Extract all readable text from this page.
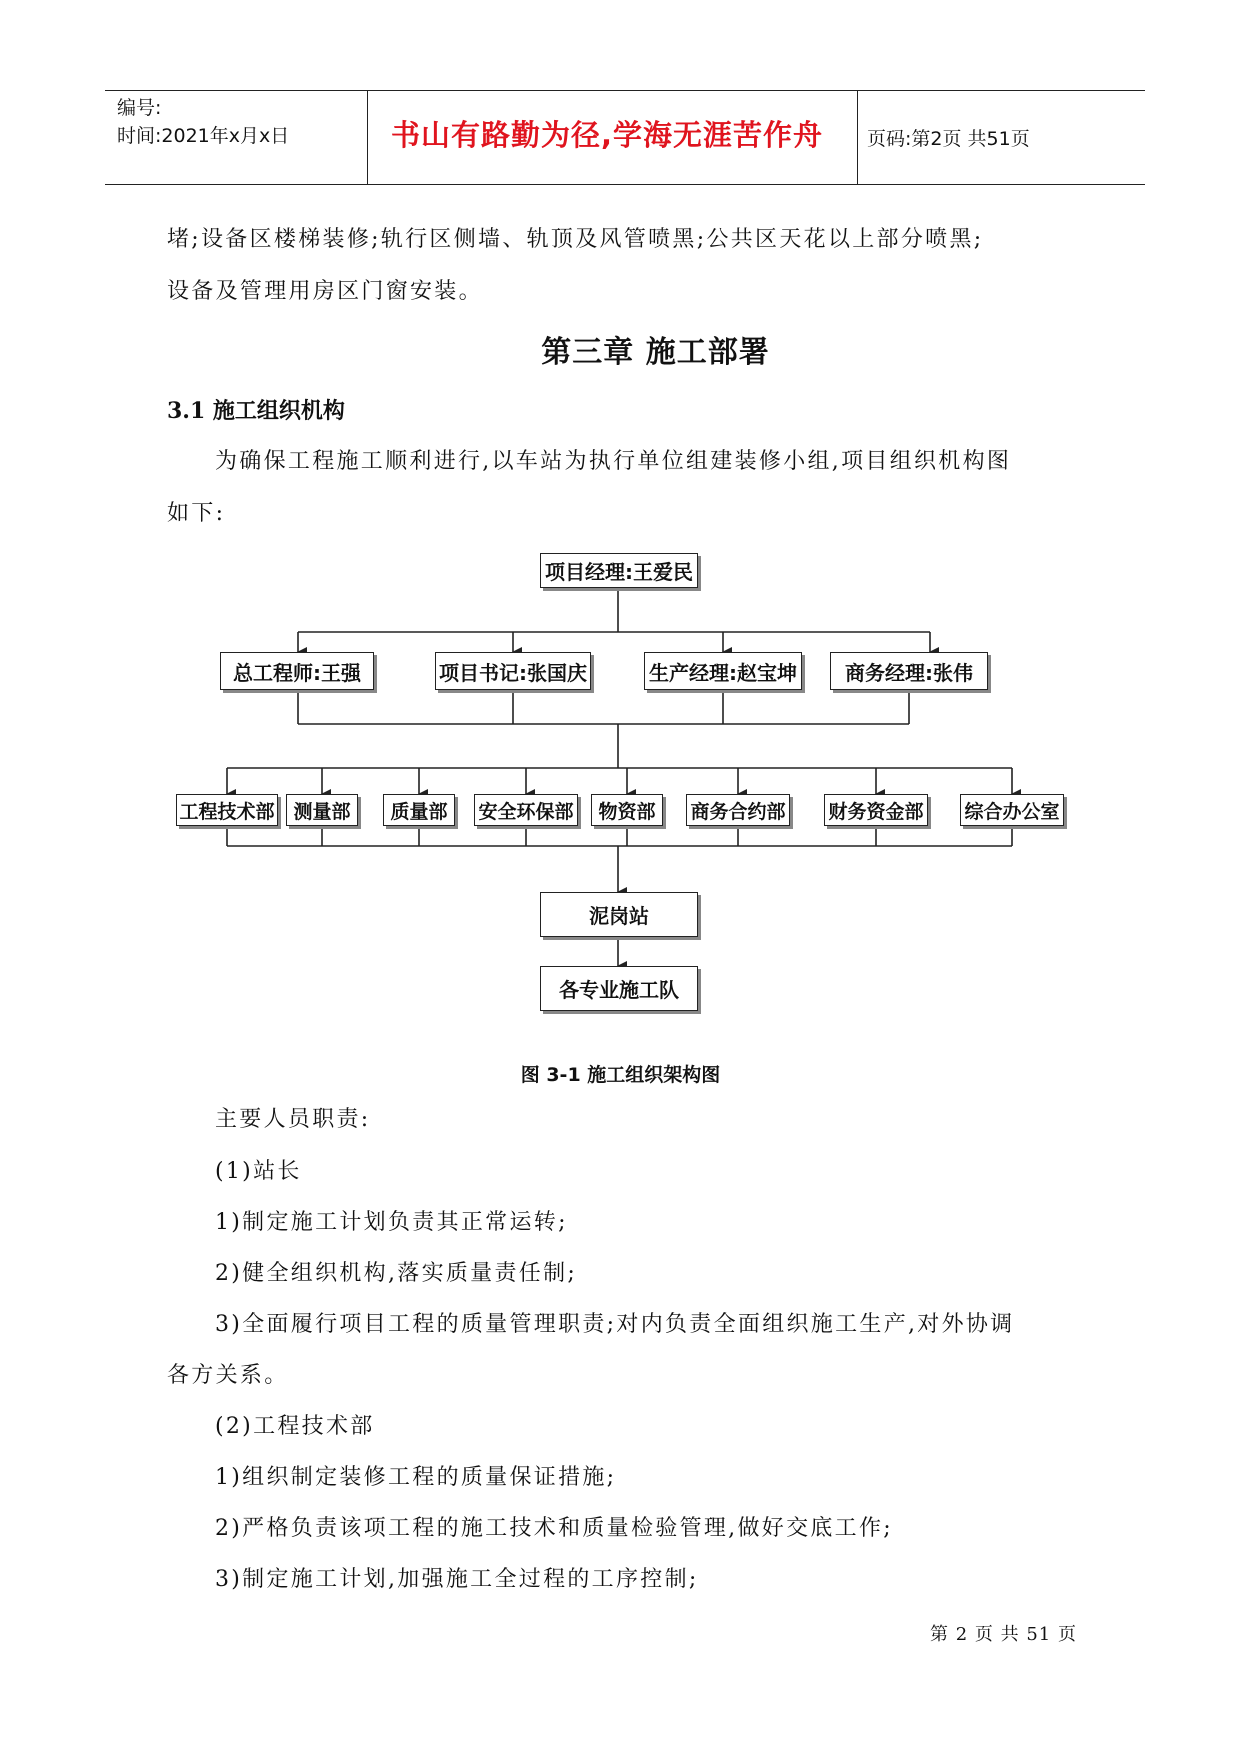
编号:
时间:2021年x月x日	书山有路勤为径,学海无涯苦作舟	页码:第2页 共51页
堵;设备区楼梯装修;轨行区侧墙、轨顶及风管喷黑;公共区天花以上部分喷黑;
设备及管理用房区门窗安装。
第三章 施工部署
3.1 施工组织机构
为确保工程施工顺利进行,以车站为执行单位组建装修小组,项目组织机构图
如下:
项目经理:王爱民
总工程师:王强	项目书记:张国庆	生产经理:赵宝坤	商务经理:张伟
工程技术部 测量部	质量部	安全环保部	物资部	商务合约部 财务资金部 综合办公室
泥岗站
各专业施工队
图 3-1 施工组织架构图
主要人员职责:
(1)站长
1)制定施工计划负责其正常运转;
2)健全组织机构,落实质量责任制;
3)全面履行项目工程的质量管理职责;对内负责全面组织施工生产,对外协调
各方关系。
(2)工程技术部
1)组织制定装修工程的质量保证措施;
2)严格负责该项工程的施工技术和质量检验管理,做好交底工作;
3)制定施工计划,加强施工全过程的工序控制;
第 2 页 共 51 页
